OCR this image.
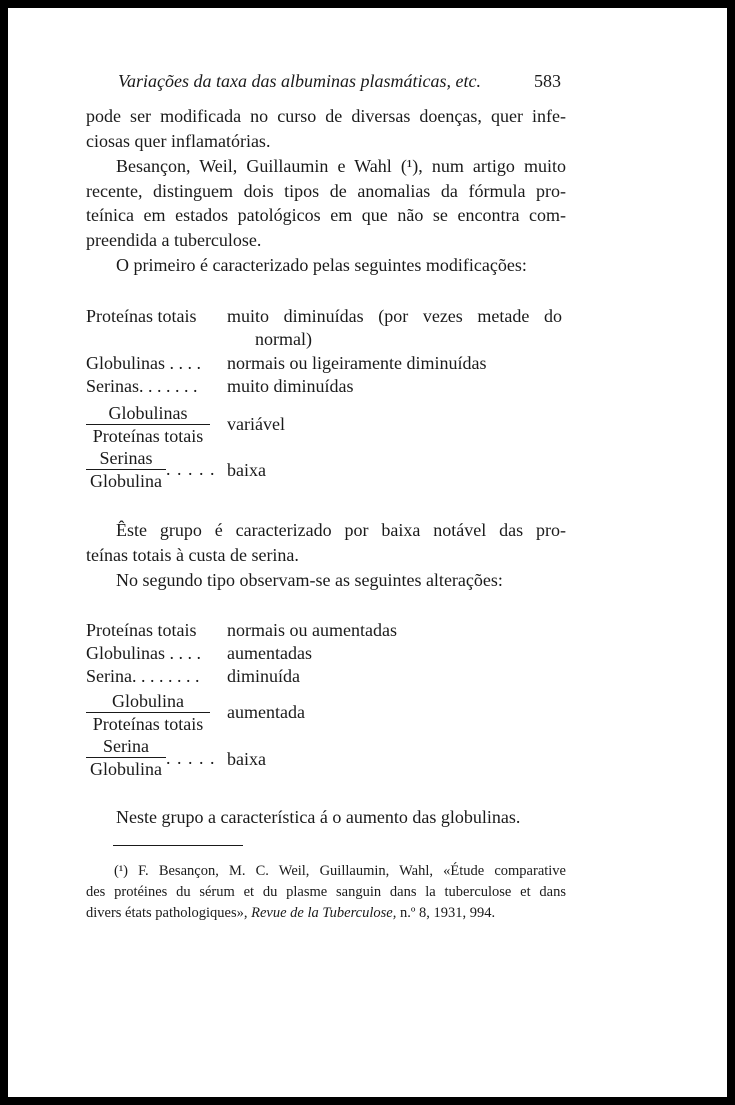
Variações da taxa das albuminas plasmáticas, etc.	583
pode ser modificada no curso de diversas doenças, quer infe-
ciosas quer inflamatórias.
Besançon, Weil, Guillaumin e Wahl (¹), num artigo muito
recente, distinguem dois tipos de anomalias da fórmula pro-
teínica em estados patológicos em que não se encontra com-
preendida a tuberculose.
O primeiro é caracterizado pelas seguintes modificações:
Proteínas totais muito diminuídas (por vezes metade do
normal)
Globulinas . . . . normais ou ligeiramente diminuídas
Serinas. . . . . . . muito diminuídas
Globulinas
Proteínas totais
variável
Serinas
Globulina
. . . . . baixa
Êste grupo é caracterizado por baixa notável das pro-
teínas totais à custa de serina.
No segundo tipo observam-se as seguintes alterações:
Proteínas totais normais ou aumentadas
Globulinas . . . . aumentadas
Serina. . . . . . . . diminuída
Globulina
Proteínas totais
aumentada
Serina
Globulina
. . . . . baixa
Neste grupo a característica á o aumento das globulinas.
(¹) F. Besançon, M. C. Weil, Guillaumin, Wahl, «Étude comparative
des protéines du sérum et du plasme sanguin dans la tuberculose et dans
divers états pathologiques», Revue de la Tuberculose, n.º 8, 1931, 994.
